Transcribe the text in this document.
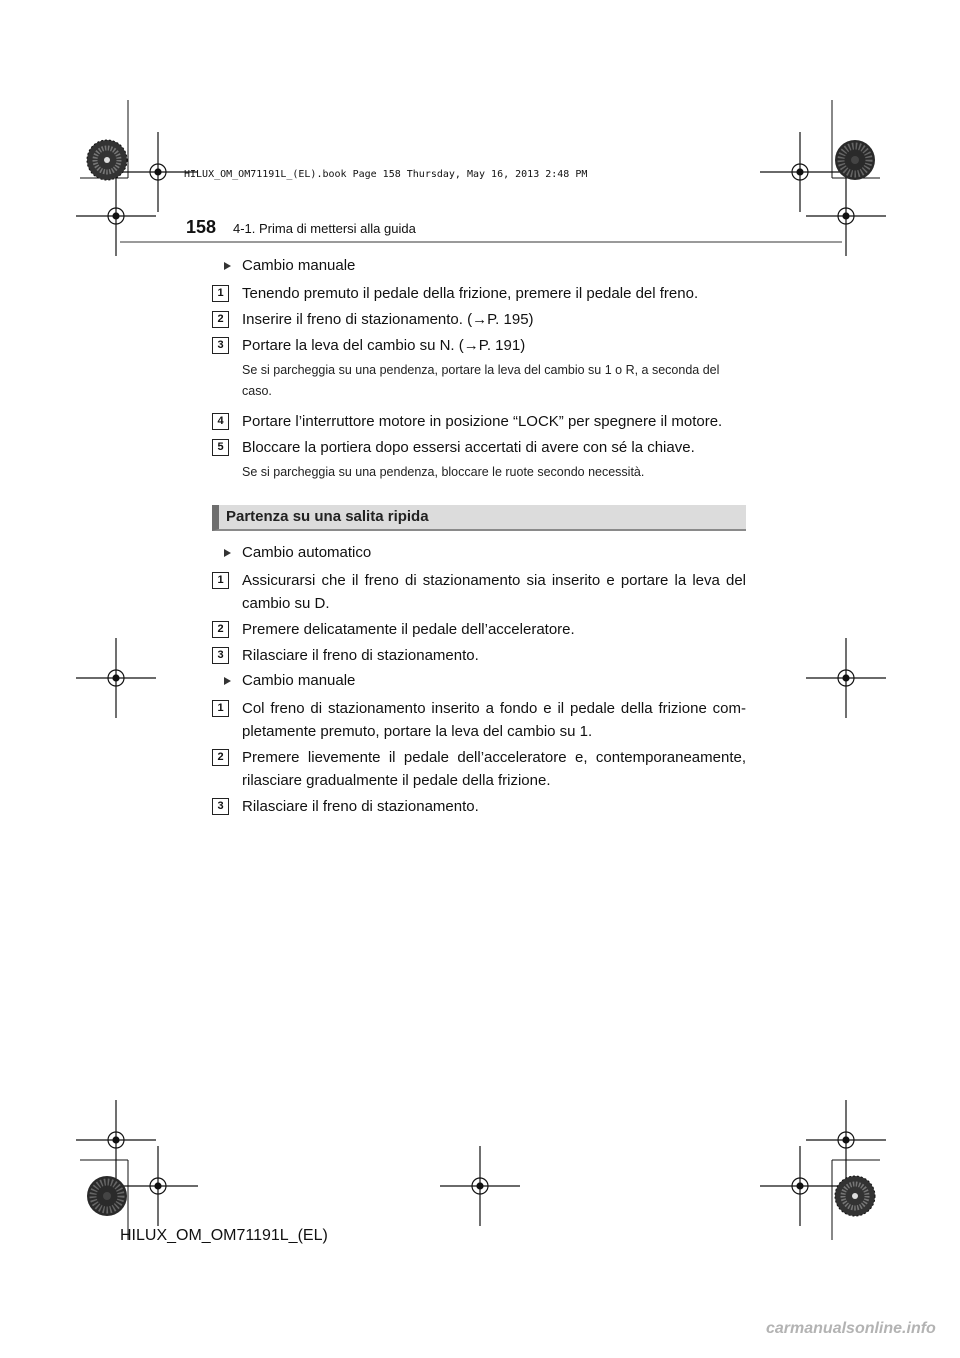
HILUX_OM_OM71191L_(EL).book Page 158 Thursday, May 16, 2013 2:48 PM
158 4-1. Prima di mettersi alla guida
Cambio manuale
1	Tenendo premuto il pedale della frizione, premere il pedale del freno.
2	Inserire il freno di stazionamento. (→P. 195)
3	Portare la leva del cambio su N. (→P. 191)
Se si parcheggia su una pendenza, portare la leva del cambio su 1 o R, a seconda del caso.
4	Portare l’interruttore motore in posizione “LOCK” per spegnere il motore.
5	Bloccare la portiera dopo essersi accertati di avere con sé la chiave.
Se si parcheggia su una pendenza, bloccare le ruote secondo necessità.
Partenza su una salita ripida
Cambio automatico
1	Assicurarsi che il freno di stazionamento sia inserito e portare la leva del cambio su D.
2	Premere delicatamente il pedale dell’acceleratore.
3	Rilasciare il freno di stazionamento.
Cambio manuale
1	Col freno di stazionamento inserito a fondo e il pedale della frizione com-pletamente premuto, portare la leva del cambio su 1.
2	Premere lievemente il pedale dell’acceleratore e, contemporaneamente, rilasciare gradualmente il pedale della frizione.
3	Rilasciare il freno di stazionamento.
HILUX_OM_OM71191L_(EL)
carmanualsonline.info
